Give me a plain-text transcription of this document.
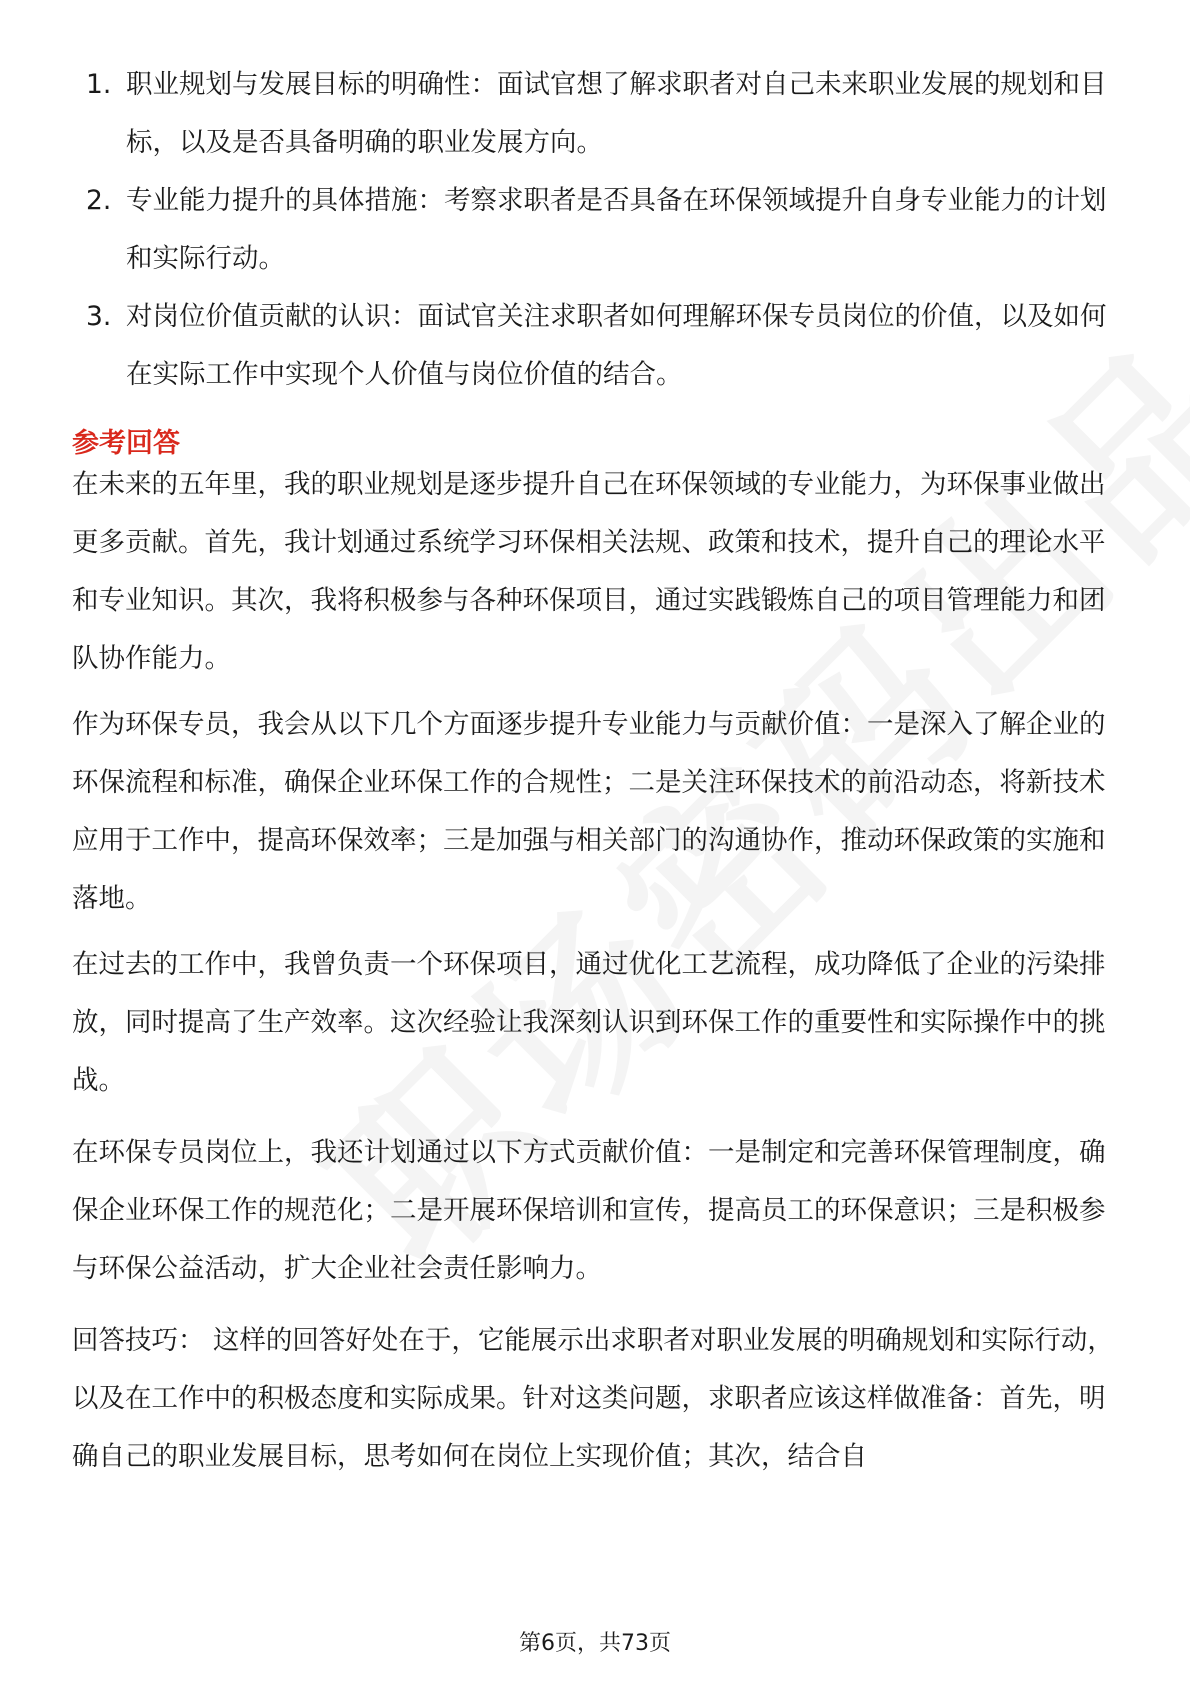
1. 职业规划与发展目标的明确性：面试官想了解求职者对自己未来职业发展的规划和目标，以及是否具备明确的职业发展方向。
2. 专业能力提升的具体措施：考察求职者是否具备在环保领域提升自身专业能力的计划和实际行动。
3. 对岗位价值贡献的认识：面试官关注求职者如何理解环保专员岗位的价值，以及如何在实际工作中实现个人价值与岗位价值的结合。
参考回答

在未来的五年里，我的职业规划是逐步提升自己在环保领域的专业能力，为环保事业做出更多贡献。首先，我计划通过系统学习环保相关法规、政策和技术，提升自己的理论水平和专业知识。其次，我将积极参与各种环保项目，通过实践锻炼自己的项目管理能力和团队协作能力。

作为环保专员，我会从以下几个方面逐步提升专业能力与贡献价值：一是深入了解企业的环保流程和标准，确保企业环保工作的合规性；二是关注环保技术的前沿动态，将新技术应用于工作中，提高环保效率；三是加强与相关部门的沟通协作，推动环保政策的实施和落地。

在过去的工作中，我曾负责一个环保项目，通过优化工艺流程，成功降低了企业的污染排放，同时提高了生产效率。这次经验让我深刻认识到环保工作的重要性和实际操作中的挑战。

在环保专员岗位上，我还计划通过以下方式贡献价值：一是制定和完善环保管理制度，确保企业环保工作的规范化；二是开展环保培训和宣传，提高员工的环保意识；三是积极参与环保公益活动，扩大企业社会责任影响力。

回答技巧： 这样的回答好处在于，它能展示出求职者对职业发展的明确规划和实际行动，以及在工作中的积极态度和实际成果。针对这类问题，求职者应该这样做准备：首先，明确自己的职业发展目标，思考如何在岗位上实现价值；其次，结合自

第6页，共73页
